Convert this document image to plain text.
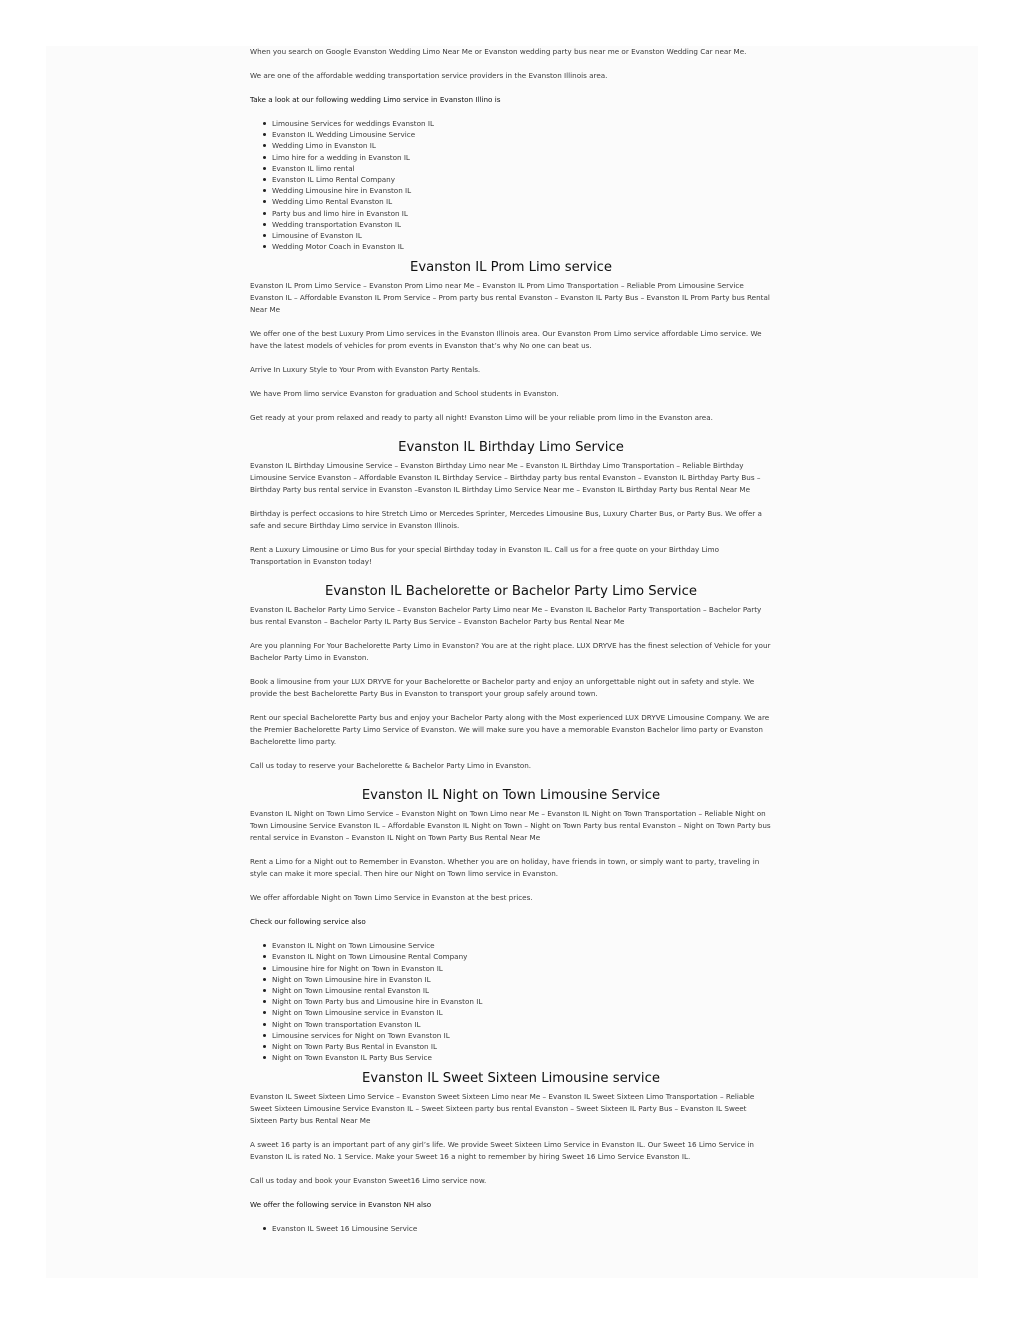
When you search on Google Evanston Wedding Limo Near Me or Evanston wedding party bus near me or Evanston Wedding Car near Me.

We are one of the affordable wedding transportation service providers in the Evanston Illinois area.

Take a look at our following wedding Limo service in Evanston Illino is

Limousine Services for weddings Evanston IL
Evanston IL Wedding Limousine Service
Wedding Limo in Evanston IL
Limo hire for a wedding in Evanston IL
Evanston IL limo rental
Evanston IL Limo Rental Company
Wedding Limousine hire in Evanston IL
Wedding Limo Rental Evanston IL
Party bus and limo hire in Evanston IL
Wedding transportation Evanston IL
Limousine of Evanston IL
Wedding Motor Coach in Evanston IL
Evanston IL Prom Limo service

Evanston IL Prom Limo Service – Evanston Prom Limo near Me – Evanston IL Prom Limo Transportation – Reliable Prom Limousine Service Evanston IL – Affordable Evanston IL Prom Service – Prom party bus rental Evanston – Evanston IL Party Bus – Evanston IL Prom Party bus Rental Near Me

We offer one of the best Luxury Prom Limo services in the Evanston Illinois area. Our Evanston Prom Limo service affordable Limo service. We have the latest models of vehicles for prom events in Evanston that’s why No one can beat us.

Arrive In Luxury Style to Your Prom with Evanston Party Rentals.

We have Prom limo service Evanston for graduation and School students in Evanston.

Get ready at your prom relaxed and ready to party all night! Evanston Limo will be your reliable prom limo in the Evanston area.

Evanston IL Birthday Limo Service

Evanston IL Birthday Limousine Service – Evanston Birthday Limo near Me – Evanston IL Birthday Limo Transportation – Reliable Birthday Limousine Service Evanston – Affordable Evanston IL Birthday Service – Birthday party bus rental Evanston – Evanston IL Birthday Party Bus – Birthday Party bus rental service in Evanston –Evanston IL Birthday Limo Service Near me – Evanston IL Birthday Party bus Rental Near Me

Birthday is perfect occasions to hire Stretch Limo or Mercedes Sprinter, Mercedes Limousine Bus, Luxury Charter Bus, or Party Bus. We offer a safe and secure Birthday Limo service in Evanston Illinois.

Rent a Luxury Limousine or Limo Bus for your special Birthday today in Evanston IL. Call us for a free quote on your Birthday Limo Transportation in Evanston today!

Evanston IL Bachelorette or Bachelor Party Limo Service

Evanston IL Bachelor Party Limo Service – Evanston Bachelor Party Limo near Me – Evanston IL Bachelor Party Transportation – Bachelor Party bus rental Evanston – Bachelor Party IL Party Bus Service – Evanston Bachelor Party bus Rental Near Me

Are you planning For Your Bachelorette Party Limo in Evanston? You are at the right place. LUX DRYVE has the finest selection of Vehicle for your Bachelor Party Limo in Evanston.

Book a limousine from your LUX DRYVE for your Bachelorette or Bachelor party and enjoy an unforgettable night out in safety and style. We provide the best Bachelorette Party Bus in Evanston to transport your group safely around town.

Rent our special Bachelorette Party bus and enjoy your Bachelor Party along with the Most experienced LUX DRYVE Limousine Company. We are the Premier Bachelorette Party Limo Service of Evanston. We will make sure you have a memorable Evanston Bachelor limo party or Evanston Bachelorette limo party.

Call us today to reserve your Bachelorette & Bachelor Party Limo in Evanston.

Evanston IL Night on Town Limousine Service

Evanston IL Night on Town Limo Service – Evanston Night on Town Limo near Me – Evanston IL Night on Town Transportation – Reliable Night on Town Limousine Service Evanston IL – Affordable Evanston IL Night on Town – Night on Town Party bus rental Evanston – Night on Town Party bus rental service in Evanston – Evanston IL Night on Town Party Bus Rental Near Me

Rent a Limo for a Night out to Remember in Evanston. Whether you are on holiday, have friends in town, or simply want to party, traveling in style can make it more special. Then hire our Night on Town limo service in Evanston.

We offer affordable Night on Town Limo Service in Evanston at the best prices.

Check our following service also

Evanston IL Night on Town Limousine Service
Evanston IL Night on Town Limousine Rental Company
Limousine hire for Night on Town in Evanston IL
Night on Town Limousine hire in Evanston IL
Night on Town Limousine rental Evanston IL
Night on Town Party bus and Limousine hire in Evanston IL
Night on Town Limousine service in Evanston IL
Night on Town transportation Evanston IL
Limousine services for Night on Town Evanston IL
Night on Town Party Bus Rental in Evanston IL
Night on Town Evanston IL Party Bus Service
Evanston IL Sweet Sixteen Limousine service

Evanston IL Sweet Sixteen Limo Service – Evanston Sweet Sixteen Limo near Me – Evanston IL Sweet Sixteen Limo Transportation – Reliable Sweet Sixteen Limousine Service Evanston IL – Sweet Sixteen party bus rental Evanston – Sweet Sixteen IL Party Bus – Evanston IL Sweet Sixteen Party bus Rental Near Me

A sweet 16 party is an important part of any girl’s life. We provide Sweet Sixteen Limo Service in Evanston IL. Our Sweet 16 Limo Service in Evanston IL is rated No. 1 Service. Make your Sweet 16 a night to remember by hiring Sweet 16 Limo Service Evanston IL.

Call us today and book your Evanston Sweet16 Limo service now.

We offer the following service in Evanston NH also

Evanston IL Sweet 16 Limousine Service
